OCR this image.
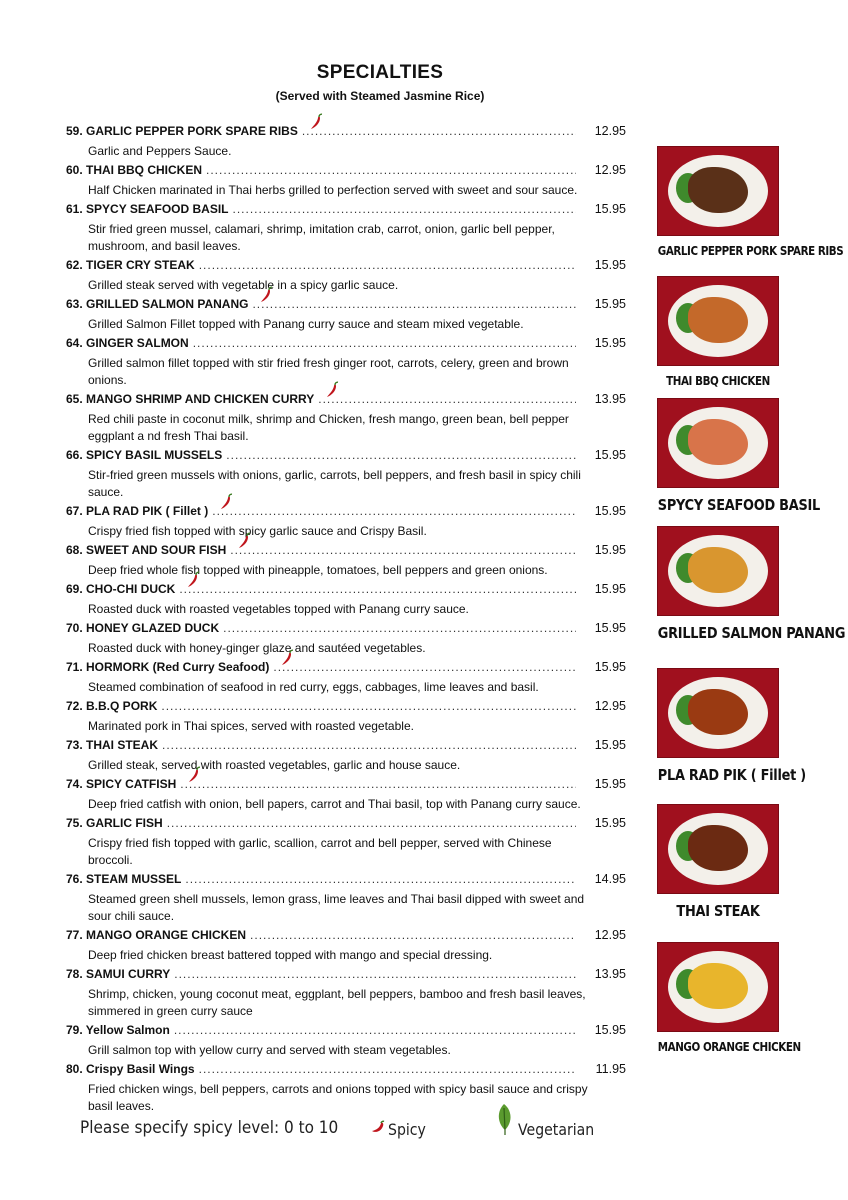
SPECIALTIES
(Served with Steamed Jasmine Rice)
59. GARLIC PEPPER PORK SPARE RIBS .....	12.95
Garlic and Peppers Sauce.
60. THAI BBQ CHICKEN .....	12.95
Half Chicken marinated in Thai herbs grilled to perfection served with sweet and sour sauce.
61. SPYCY SEAFOOD BASIL .....	15.95
Stir fried green mussel, calamari, shrimp, imitation crab, carrot, onion, garlic bell pepper, mushroom, and basil leaves.
62. TIGER CRY STEAK .....	15.95
Grilled steak served with vegetable in a spicy garlic sauce.
63. GRILLED SALMON PANANG .....	15.95
Grilled Salmon Fillet topped with Panang curry sauce and steam mixed vegetable.
64. GINGER SALMON .....	15.95
Grilled salmon fillet topped with stir fried fresh ginger root, carrots, celery, green and brown onions.
65. MANGO SHRIMP AND CHICKEN CURRY .....	13.95
Red chili paste in coconut milk, shrimp and Chicken, fresh mango, green bean, bell pepper eggplant a nd fresh Thai basil.
66. SPICY BASIL MUSSELS .....	15.95
Stir-fried green mussels with onions, garlic, carrots, bell peppers, and fresh basil in spicy chili sauce.
67. PLA RAD PIK ( Fillet ) .....	15.95
Crispy fried fish topped with spicy garlic sauce and Crispy Basil.
68. SWEET AND SOUR FISH .....	15.95
Deep fried whole fish topped with pineapple, tomatoes, bell peppers and green onions.
69. CHO-CHI DUCK .....	15.95
Roasted duck with roasted vegetables topped with Panang curry sauce.
70. HONEY GLAZED DUCK .....	15.95
Roasted duck with honey-ginger glaze and sautéed vegetables.
71. HORMORK (Red Curry Seafood) .....	15.95
Steamed combination of seafood in red curry, eggs, cabbages, lime leaves and basil.
72. B.B.Q PORK .....	12.95
Marinated pork in Thai spices, served with roasted vegetable.
73. THAI STEAK .....	15.95
Grilled steak, served with roasted vegetables, garlic and house sauce.
74. SPICY CATFISH .....	15.95
Deep fried catfish with onion, bell papers, carrot and Thai basil, top with Panang curry sauce.
75. GARLIC FISH .....	15.95
Crispy fried fish topped with garlic, scallion, carrot and bell pepper, served with Chinese broccoli.
76. STEAM MUSSEL .....	14.95
Steamed green shell mussels, lemon grass, lime leaves and Thai basil dipped with sweet and sour chili sauce.
77. MANGO ORANGE CHICKEN .....	12.95
Deep fried chicken breast battered topped with mango and special dressing.
78. SAMUI CURRY .....	13.95
Shrimp, chicken, young coconut meat, eggplant, bell peppers, bamboo and fresh basil leaves, simmered in green curry sauce
79. Yellow Salmon .....	15.95
Grill salmon top with yellow curry and served with steam vegetables.
80. Crispy Basil Wings .....	11.95
Fried chicken wings, bell peppers, carrots and onions topped with spicy basil sauce and crispy basil leaves.
GARLIC PEPPER PORK SPARE RIBS
THAI BBQ CHICKEN
SPYCY SEAFOOD BASIL
GRILLED SALMON PANANG
PLA RAD PIK ( Fillet )
THAI STEAK
MANGO ORANGE CHICKEN
Please specify spicy level: 0 to 10	Spicy	Vegetarian
